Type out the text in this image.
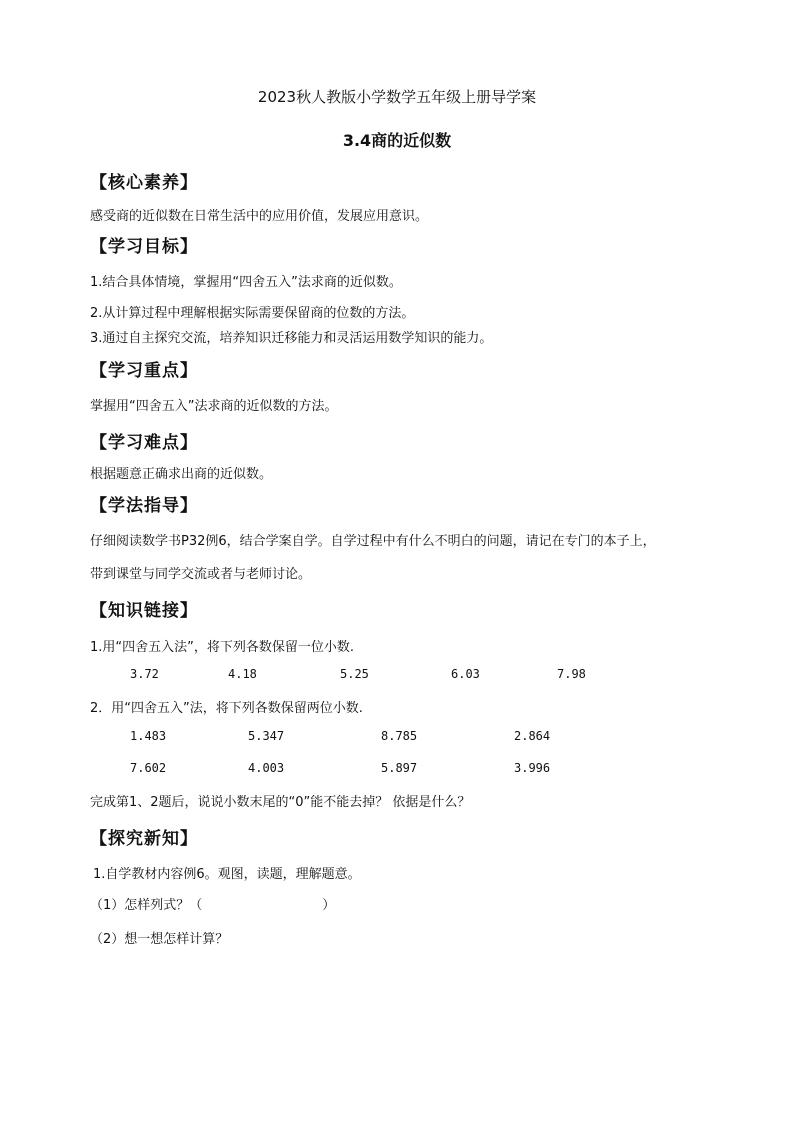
2023秋人教版小学数学五年级上册导学案
3.4商的近似数
【核心素养】
感受商的近似数在日常生活中的应用价值，发展应用意识。
【学习目标】
1.结合具体情境，掌握用“四舍五入”法求商的近似数。
2.从计算过程中理解根据实际需要保留商的位数的方法。
3.通过自主探究交流，培养知识迁移能力和灵活运用数学知识的能力。
【学习重点】
掌握用“四舍五入”法求商的近似数的方法。
【学习难点】
根据题意正确求出商的近似数。
【学法指导】
仔细阅读数学书P32例6，结合学案自学。自学过程中有什么不明白的问题，请记在专门的本子上，
带到课堂与同学交流或者与老师讨论。
【知识链接】
1.用“四舍五入法”，将下列各数保留一位小数.
3.72	4.18	5.25	6.03	7.98
2．用“四舍五入”法，将下列各数保留两位小数.
1.483	5.347	8.785	2.864
7.602	4.003	5.897	3.996
完成第1、2题后，说说小数末尾的“0”能不能去掉？ 依据是什么？
【探究新知】
1.自学教材内容例6。观图，读题，理解题意。
（1）怎样列式？（	）
（2）想一想怎样计算？
